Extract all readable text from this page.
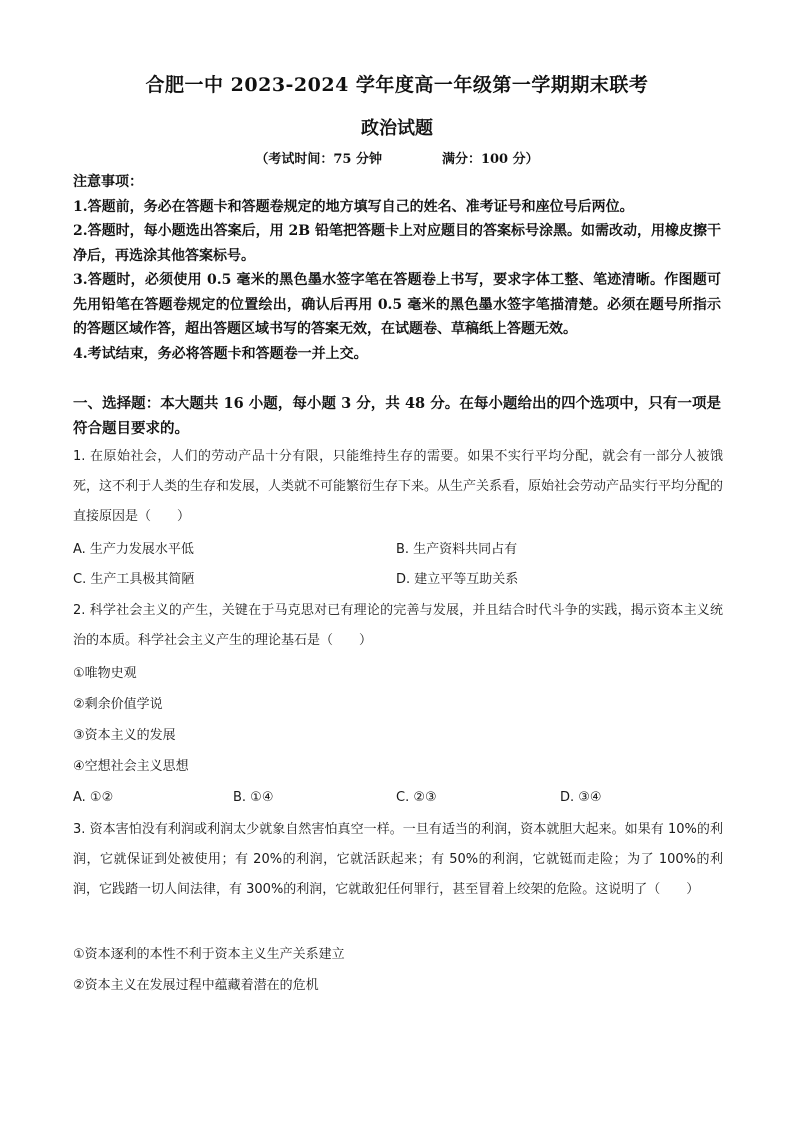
合肥一中 2023-2024 学年度高一年级第一学期期末联考
政治试题
（考试时间：75 分钟	满分：100 分）

注意事项：

1.答题前，务必在答题卡和答题卷规定的地方填写自己的姓名、准考证号和座位号后两位。

2.答题时，每小题选出答案后，用 2B 铅笔把答题卡上对应题目的答案标号涂黑。如需改动，用橡皮擦干净后，再选涂其他答案标号。

3.答题时，必须使用 0.5 毫米的黑色墨水签字笔在答题卷上书写，要求字体工整、笔迹清晰。作图题可先用铅笔在答题卷规定的位置绘出，确认后再用 0.5 毫米的黑色墨水签字笔描清楚。必须在题号所指示的答题区域作答，超出答题区域书写的答案无效，在试题卷、草稿纸上答题无效。

4.考试结束，务必将答题卡和答题卷一并上交。

一、选择题：本大题共 16 小题，每小题 3 分，共 48 分。在每小题给出的四个选项中，只有一项是符合题目要求的。

1. 在原始社会，人们的劳动产品十分有限，只能维持生存的需要。如果不实行平均分配，就会有一部分人被饿死，这不利于人类的生存和发展，人类就不可能繁衍生存下来。从生产关系看，原始社会劳动产品实行平均分配的直接原因是（　　）

A. 生产力发展水平低	B. 生产资料共同占有
C. 生产工具极其简陋	D. 建立平等互助关系

2. 科学社会主义的产生，关键在于马克思对已有理论的完善与发展，并且结合时代斗争的实践，揭示资本主义统治的本质。科学社会主义产生的理论基石是（　　）

①唯物史观
②剩余价值学说
③资本主义的发展
④空想社会主义思想
A. ①②	B. ①④	C. ②③	D. ③④

3. 资本害怕没有利润或利润太少就象自然害怕真空一样。一旦有适当的利润，资本就胆大起来。如果有 10%的利润，它就保证到处被使用；有 20%的利润，它就活跃起来；有 50%的利润，它就铤而走险；为了 100%的利润，它践踏一切人间法律，有 300%的利润，它就敢犯任何罪行，甚至冒着上绞架的危险。这说明了（　　）

①资本逐利的本性不利于资本主义生产关系建立
②资本主义在发展过程中蕴藏着潜在的危机
